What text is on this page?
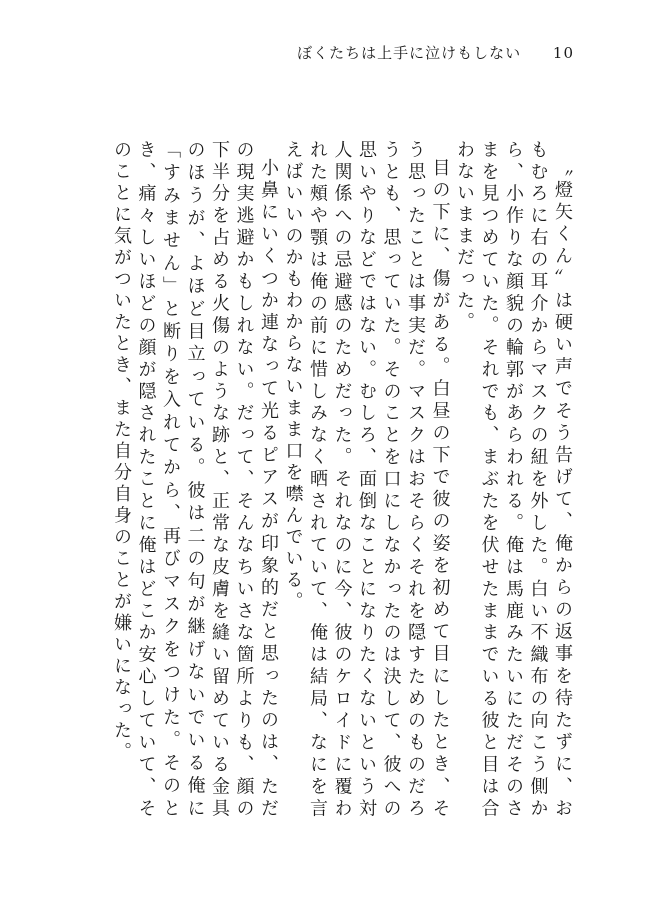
ぼくたちは上手に泣けもしない 10

〝燈矢くん〟は硬い声でそう告げて、俺からの返事を待たずに、おもむろに右の耳介からマスクの紐を外した。白い不織布の向こう側から、小作りな顔貌の輪郭があらわれる。俺は馬鹿みたいにただそのさまを見つめていた。それでも、まぶたを伏せたままでいる彼と目は合わないままだった。

目の下に、傷がある。白昼の下で彼の姿を初めて目にしたとき、そう思ったことは事実だ。マスクはおそらくそれを隠すためのものだろうとも、思っていた。そのことを口にしなかったのは決して、彼への思いやりなどではない。むしろ、面倒なことになりたくないという対人関係への忌避感のためだった。それなのに今、彼のケロイドに覆われた頰や顎は俺の前に惜しみなく晒されていて、俺は結局、なにを言えばいいのかもわからないまま口を噤んでいる。

小鼻にいくつか連なって光るピアスが印象的だと思ったのは、ただの現実逃避かもしれない。だって、そんなちいさな箇所よりも、顔の下半分を占める火傷のような跡と、正常な皮膚を縫い留めている金具のほうが、よほど目立っている。彼は二の句が継げないでいる俺に「すみません」と断りを入れてから、再びマスクをつけた。そのとき、痛々しいほどの顔が隠されたことに俺はどこか安心していて、そのことに気がついたとき、また自分自身のことが嫌いになった。
